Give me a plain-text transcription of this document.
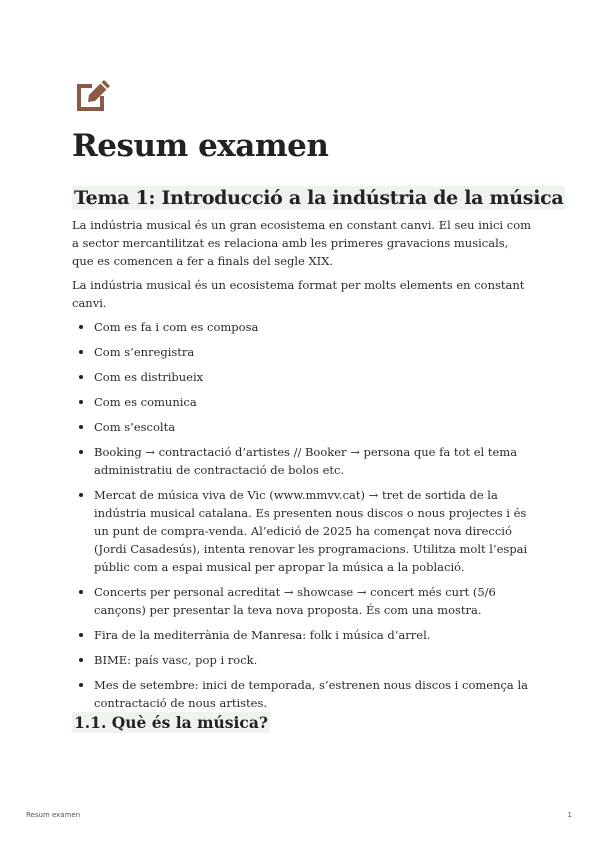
Resum examen
Tema 1: Introducció a la indústria de la música

La indústria musical és un gran ecosistema en constant canvi. El seu inici com a sector mercantilitzat es relaciona amb les primeres gravacions musicals, que es comencen a fer a finals del segle XIX.

La indústria musical és un ecosistema format per molts elements en constant canvi.

Com es fa i com es composa
Com s’enregistra
Com es distribueix
Com es comunica
Com s’escolta
Booking → contractació d’artistes // Booker → persona que fa tot el tema administratiu de contractació de bolos etc.
Mercat de música viva de Vic (www.mmvv.cat) → tret de sortida de la indústria musical catalana. Es presenten nous discos o nous projectes i és un punt de compra-venda. Al’edició de 2025 ha començat nova direcció (Jordi Casadesús), intenta renovar les programacions. Utilitza molt l’espai públic com a espai musical per apropar la música a la població.
Concerts per personal acreditat → showcase → concert més curt (5/6 cançons) per presentar la teva nova proposta. És com una mostra.
Fira de la mediterrània de Manresa: folk i música d’arrel.
BIME: país vasc, pop i rock.
Mes de setembre: inici de temporada, s’estrenen nous discos i comença la contractació de nous artistes.
1.1. Què és la música?
Resum examen	1
